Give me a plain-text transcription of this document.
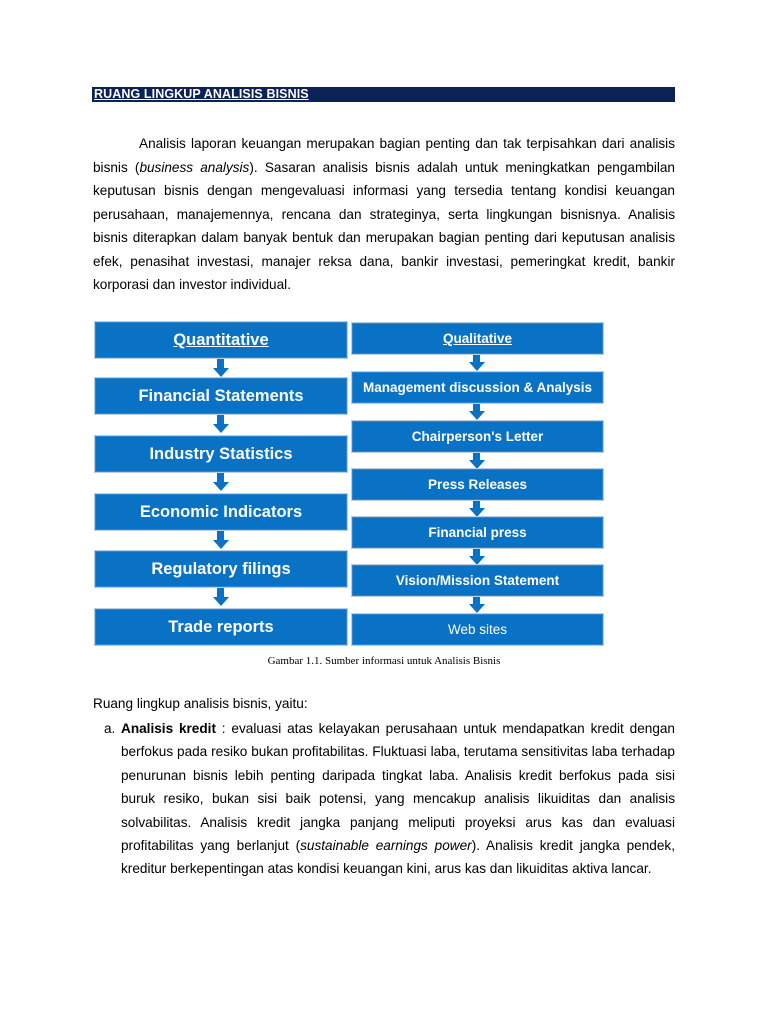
RUANG LINGKUP ANALISIS BISNIS
Analisis laporan keuangan merupakan bagian penting dan tak terpisahkan dari analisis bisnis (business analysis). Sasaran analisis bisnis adalah untuk meningkatkan pengambilan keputusan bisnis dengan mengevaluasi informasi yang tersedia tentang kondisi keuangan perusahaan, manajemennya, rencana dan strateginya, serta lingkungan bisnisnya. Analisis bisnis diterapkan dalam banyak bentuk dan merupakan bagian penting dari keputusan analisis efek, penasihat investasi, manajer reksa dana, bankir investasi, pemeringkat kredit, bankir korporasi dan investor individual.
Quantitative
Financial Statements
Industry Statistics
Economic Indicators
Regulatory filings
Trade reports
Qualitative
Management discussion & Analysis
Chairperson's Letter
Press Releases
Financial press
Vision/Mission Statement
Web sites
Gambar 1.1. Sumber informasi untuk Analisis Bisnis
Ruang lingkup analisis bisnis, yaitu:
a. Analisis kredit : evaluasi atas kelayakan perusahaan untuk mendapatkan kredit dengan berfokus pada resiko bukan profitabilitas. Fluktuasi laba, terutama sensitivitas laba terhadap penurunan bisnis lebih penting daripada tingkat laba. Analisis kredit berfokus pada sisi buruk resiko, bukan sisi baik potensi, yang mencakup analisis likuiditas dan analisis solvabilitas. Analisis kredit jangka panjang meliputi proyeksi arus kas dan evaluasi profitabilitas yang berlanjut (sustainable earnings power). Analisis kredit jangka pendek, kreditur berkepentingan atas kondisi keuangan kini, arus kas dan likuiditas aktiva lancar.
